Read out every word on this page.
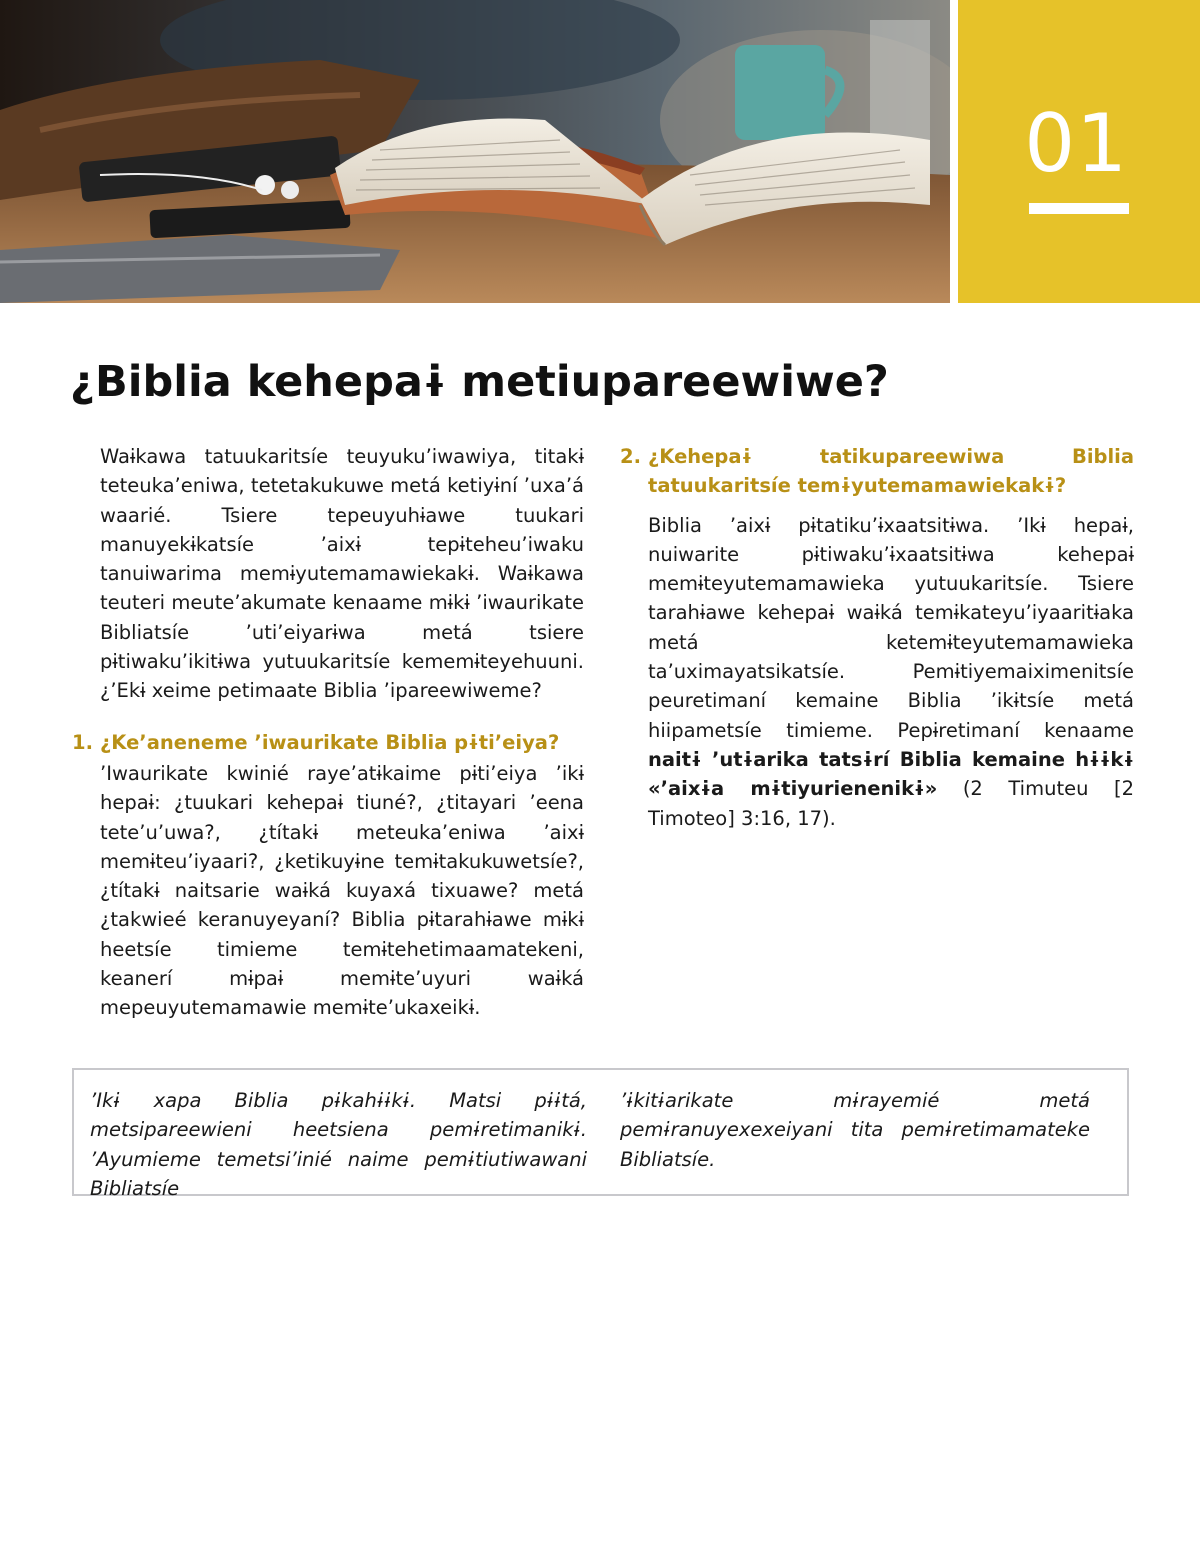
01
¿Biblia kehepaɨ metiupareewiwe?

Waɨkawa tatuukaritsíe teuyuku’iwawiya, titakɨ teteuka’eniwa, tetetakukuwe metá ketiyɨní ’uxa’á waarié. Tsiere tepeuyuhɨawe tuukari manuyekɨkatsíe ’aixɨ tepɨteheu’iwaku tanuiwarima memɨyutemamawiekakɨ. Waɨkawa teuteri meute’akumate kenaame mɨkɨ ’iwaurikate Bibliatsíe ’uti’eiyarɨwa metá tsiere pɨtiwaku’ikitɨwa yutuukaritsíe kememɨteyehuuni. ¿’Ekɨ xeime petimaate Biblia ’ipareewiweme?

1. ¿Ke’aneneme ’iwaurikate Biblia pɨti’eiya?

’Iwaurikate kwinié raye’atɨkaime pɨti’eiya ’ikɨ hepaɨ: ¿tuukari kehepaɨ tiuné?, ¿titayari ’eena tete’u’uwa?, ¿títakɨ meteuka’eniwa ’aixɨ memɨteu’iyaari?, ¿ketikuyɨne temɨtakukuwetsíe?, ¿títakɨ naitsarie waɨká kuyaxá tixuawe? metá ¿takwieé keranuyeyaní? Biblia pɨtarahɨawe mɨkɨ heetsíe timieme temɨtehetimaamatekeni, keanerí mɨpaɨ memɨte’uyuri waɨká mepeuyutemamawie memɨte’ukaxeikɨ.

2. ¿Kehepaɨ tatikupareewiwa Biblia tatuukaritsíe temɨyutemamawiekakɨ?

Biblia ’aixɨ pɨtatiku’ɨxaatsitɨwa. ’Ikɨ hepaɨ, nuiwarite pɨtiwaku’ɨxaatsitɨwa kehepaɨ memɨteyutemamawieka yutuukaritsíe. Tsiere tarahɨawe kehepaɨ waɨká temɨkateyu’iyaaritɨaka metá ketemɨteyutemamawieka ta’uximayatsikatsíe. Pemɨtiyemaiximenitsíe peuretimaní kemaine Biblia ’ikɨtsíe metá hiipametsíe timieme. Pepɨretimaní kenaame naitɨ ’utɨarika tatsɨrí Biblia kemaine hɨɨkɨ «’aixɨa mɨtiyurienenikɨ» (2 Timuteu [2 Timoteo] 3:16, 17).

’Ikɨ xapa Biblia pɨkahɨɨkɨ. Matsi pɨɨtá, metsipareewieni heetsiena pemɨretimanikɨ. ’Ayumieme temetsi’inié naime pemɨtiutiwawani Bibliatsíe
’ɨkitɨarikate mɨrayemié metá pemɨranuyexexeiyani tita pemɨretimamateke Bibliatsíe.
